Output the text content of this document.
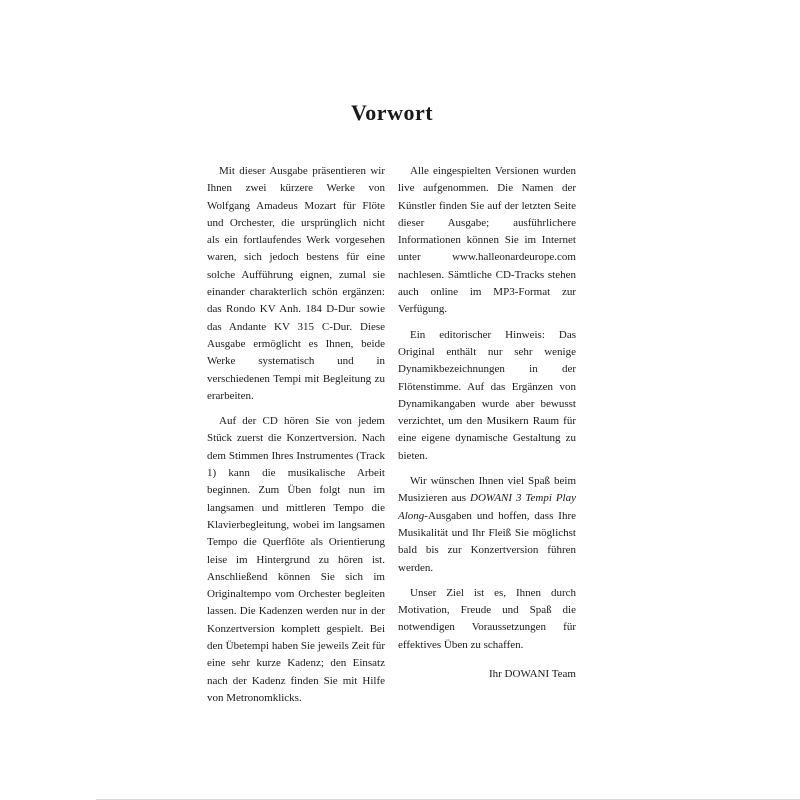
Vorwort

Mit dieser Ausgabe präsentieren wir Ihnen zwei kürzere Werke von Wolfgang Amadeus Mozart für Flöte und Orchester, die ursprünglich nicht als ein fortlaufendes Werk vorgesehen waren, sich jedoch bestens für eine solche Aufführung eignen, zumal sie einander charakterlich schön ergänzen: das Rondo KV Anh. 184 D-Dur sowie das Andante KV 315 C-Dur. Diese Ausgabe ermöglicht es Ihnen, beide Werke systematisch und in verschiedenen Tempi mit Begleitung zu erarbeiten.

Auf der CD hören Sie von jedem Stück zuerst die Konzertversion. Nach dem Stimmen Ihres Instrumentes (Track 1) kann die musikalische Arbeit beginnen. Zum Üben folgt nun im langsamen und mittleren Tempo die Klavierbegleitung, wobei im langsamen Tempo die Querflöte als Orientierung leise im Hintergrund zu hören ist. Anschließend können Sie sich im Originaltempo vom Orchester begleiten lassen. Die Kadenzen werden nur in der Konzertversion komplett gespielt. Bei den Übetempi haben Sie jeweils Zeit für eine sehr kurze Kadenz; den Einsatz nach der Kadenz finden Sie mit Hilfe von Metronomklicks.

Alle eingespielten Versionen wurden live aufgenommen. Die Namen der Künstler finden Sie auf der letzten Seite dieser Ausgabe; ausführlichere Informationen können Sie im Internet unter www.halleonardeurope.com nachlesen. Sämtliche CD-Tracks stehen auch online im MP3-Format zur Verfügung.

Ein editorischer Hinweis: Das Original enthält nur sehr wenige Dynamikbezeichnungen in der Flötenstimme. Auf das Ergänzen von Dynamikangaben wurde aber bewusst verzichtet, um den Musikern Raum für eine eigene dynamische Gestaltung zu bieten.

Wir wünschen Ihnen viel Spaß beim Musizieren aus DOWANI 3 Tempi Play Along-Ausgaben und hoffen, dass Ihre Musikalität und Ihr Fleiß Sie möglichst bald bis zur Konzertversion führen werden.

Unser Ziel ist es, Ihnen durch Motivation, Freude und Spaß die notwendigen Voraussetzungen für effektives Üben zu schaffen.

Ihr DOWANI Team
